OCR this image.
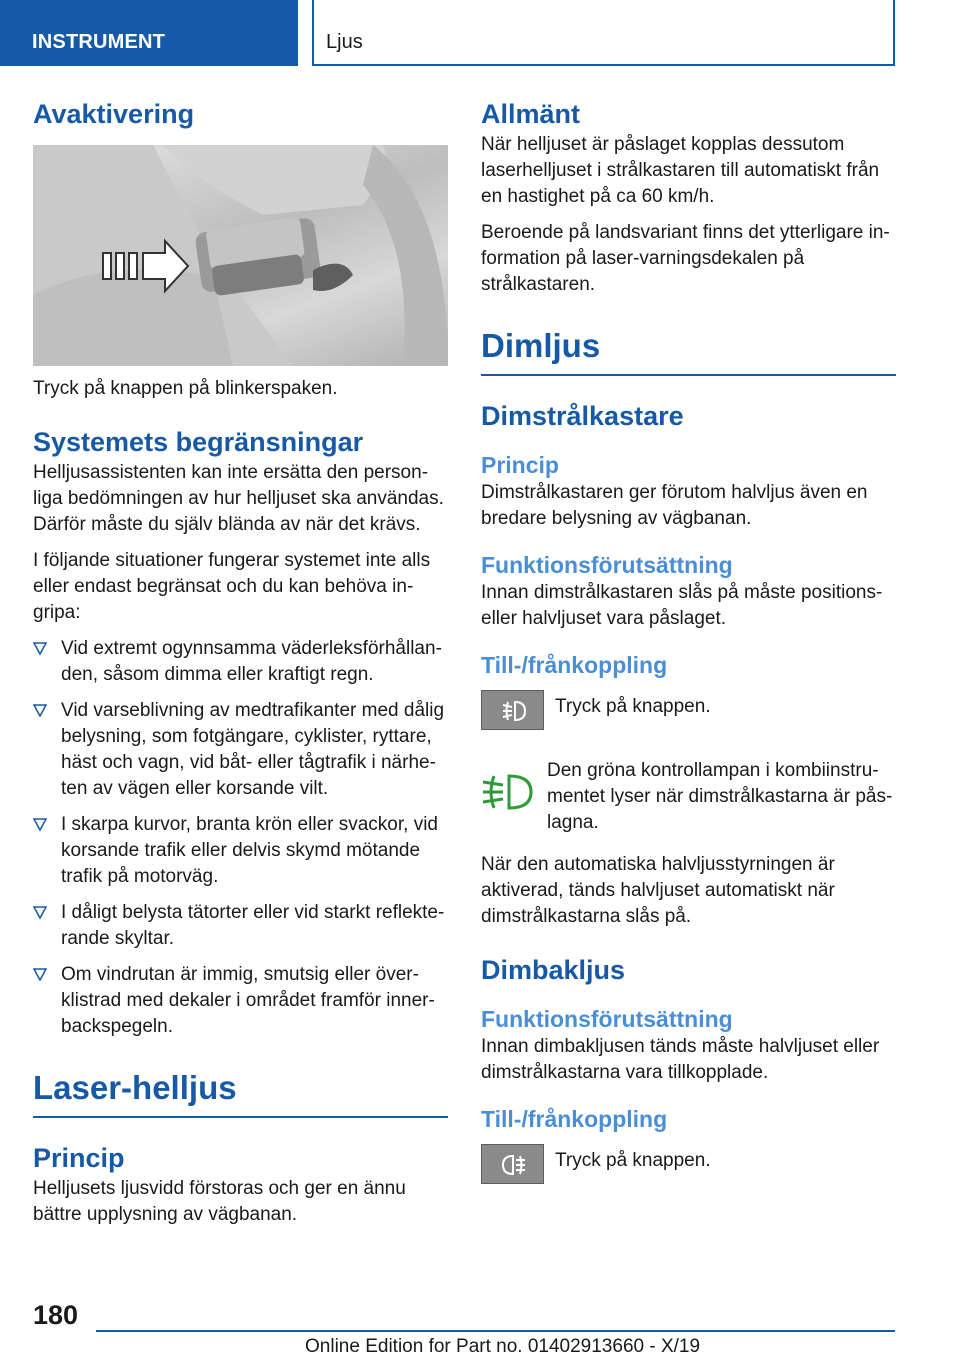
INSTRUMENT	Ljus
Avaktivering

Tryck på knappen på blinkerspaken.

Systemets begränsningar

Helljusassistenten kan inte ersätta den personliga bedömningen av hur helljuset ska användas. Därför måste du själv blända av när det krävs.

I följande situationer fungerar systemet inte alls eller endast begränsat och du kan behöva ingripa:

Vid extremt ogynnsamma väderleksförhållanden, såsom dimma eller kraftigt regn.
Vid varseblivning av medtrafikanter med dålig belysning, som fotgängare, cyklister, ryttare, häst och vagn, vid båt- eller tågtrafik i närheten av vägen eller korsande vilt.
I skarpa kurvor, branta krön eller svackor, vid korsande trafik eller delvis skymd mötande trafik på motorväg.
I dåligt belysta tätorter eller vid starkt reflekterande skyltar.
Om vindrutan är immig, smutsig eller överklistrad med dekaler i området framför innerbackspegeln.
Laser-helljus
Princip

Helljusets ljusvidd förstoras och ger en ännu bättre upplysning av vägbanan.

Allmänt

När helljuset är påslaget kopplas dessutom laserhelljuset i strålkastaren till automatiskt från en hastighet på ca 60 km/h.

Beroende på landsvariant finns det ytterligare information på laser-varningsdekalen på strålkastaren.

Dimljus
Dimstrålkastare
Princip

Dimstrålkastaren ger förutom halvljus även en bredare belysning av vägbanan.

Funktionsförutsättning

Innan dimstrålkastaren slås på måste positionseller halvljuset vara påslaget.

Till-/frånkoppling

Tryck på knappen.

Den gröna kontrollampan i kombiinstrumentet lyser när dimstrålkastarna är påslagna.

När den automatiska halvljusstyrningen är aktiverad, tänds halvljuset automatiskt när dimstrålkastarna slås på.

Dimbakljus
Funktionsförutsättning

Innan dimbakljusen tänds måste halvljuset eller dimstrålkastarna vara tillkopplade.

Till-/frånkoppling

Tryck på knappen.

180
Online Edition for Part no. 01402913660 - X/19
